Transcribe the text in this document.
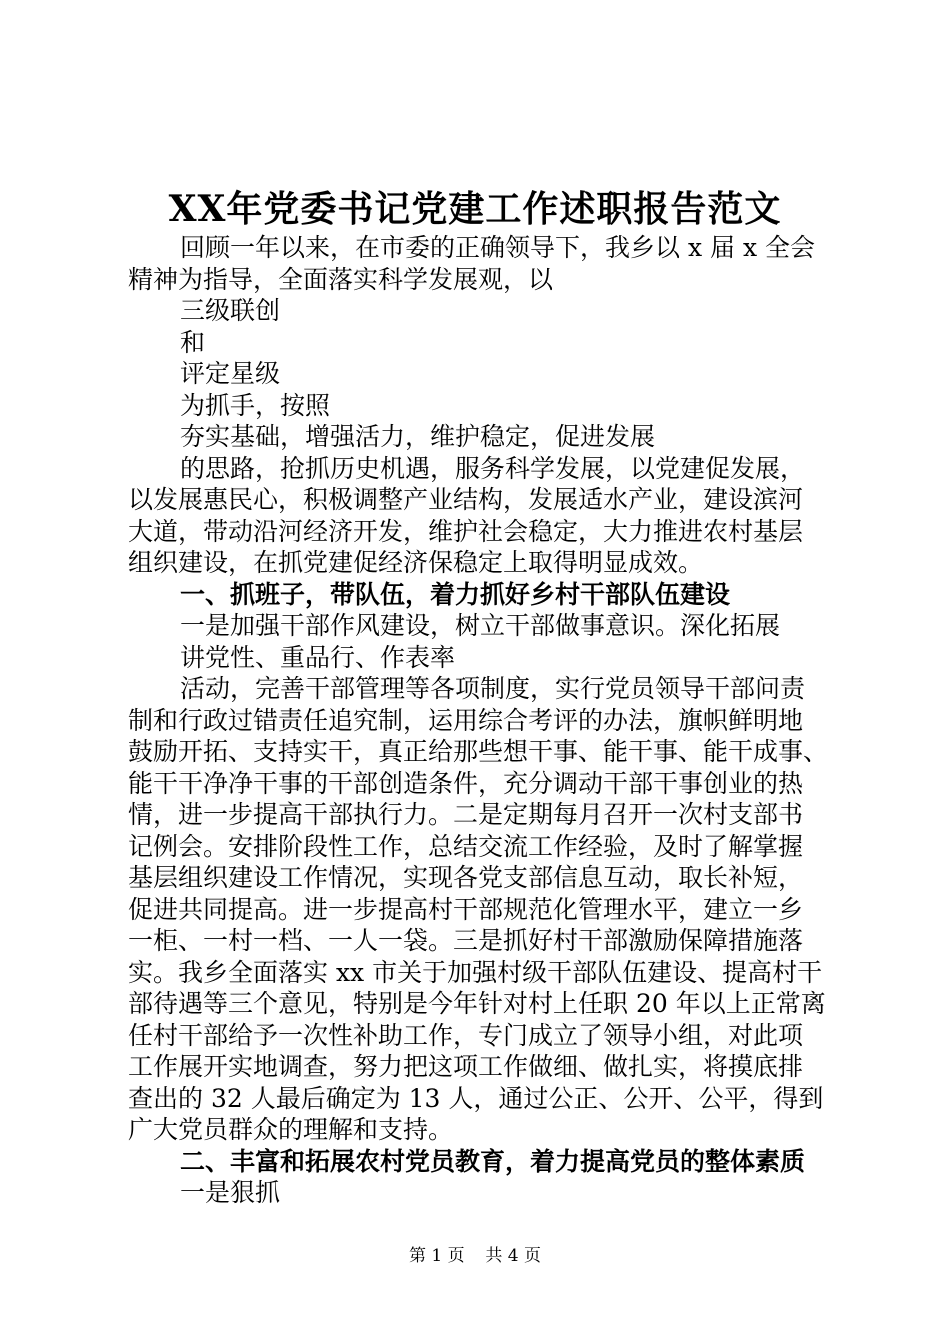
XX年党委书记党建工作述职报告范文
回顾一年以来，在市委的正确领导下，我乡以 x 届 x 全会
精神为指导，全面落实科学发展观，以
三级联创
和
评定星级
为抓手，按照
夯实基础，增强活力，维护稳定，促进发展
的思路，抢抓历史机遇，服务科学发展，以党建促发展，
以发展惠民心，积极调整产业结构，发展适水产业，建设滨河
大道，带动沿河经济开发，维护社会稳定，大力推进农村基层
组织建设，在抓党建促经济保稳定上取得明显成效。
一、抓班子，带队伍，着力抓好乡村干部队伍建设
一是加强干部作风建设，树立干部做事意识。深化拓展
讲党性、重品行、作表率
活动，完善干部管理等各项制度，实行党员领导干部问责
制和行政过错责任追究制，运用综合考评的办法，旗帜鲜明地
鼓励开拓、支持实干，真正给那些想干事、能干事、能干成事、
能干干净净干事的干部创造条件，充分调动干部干事创业的热
情，进一步提高干部执行力。二是定期每月召开一次村支部书
记例会。安排阶段性工作，总结交流工作经验，及时了解掌握
基层组织建设工作情况，实现各党支部信息互动，取长补短，
促进共同提高。进一步提高村干部规范化管理水平，建立一乡
一柜、一村一档、一人一袋。三是抓好村干部激励保障措施落
实。我乡全面落实 xx 市关于加强村级干部队伍建设、提高村干
部待遇等三个意见，特别是今年针对村上任职 20 年以上正常离
任村干部给予一次性补助工作，专门成立了领导小组，对此项
工作展开实地调查，努力把这项工作做细、做扎实，将摸底排
查出的 32 人最后确定为 13 人，通过公正、公开、公平，得到
广大党员群众的理解和支持。
二、丰富和拓展农村党员教育，着力提高党员的整体素质
一是狠抓
第 1 页 共 4 页
